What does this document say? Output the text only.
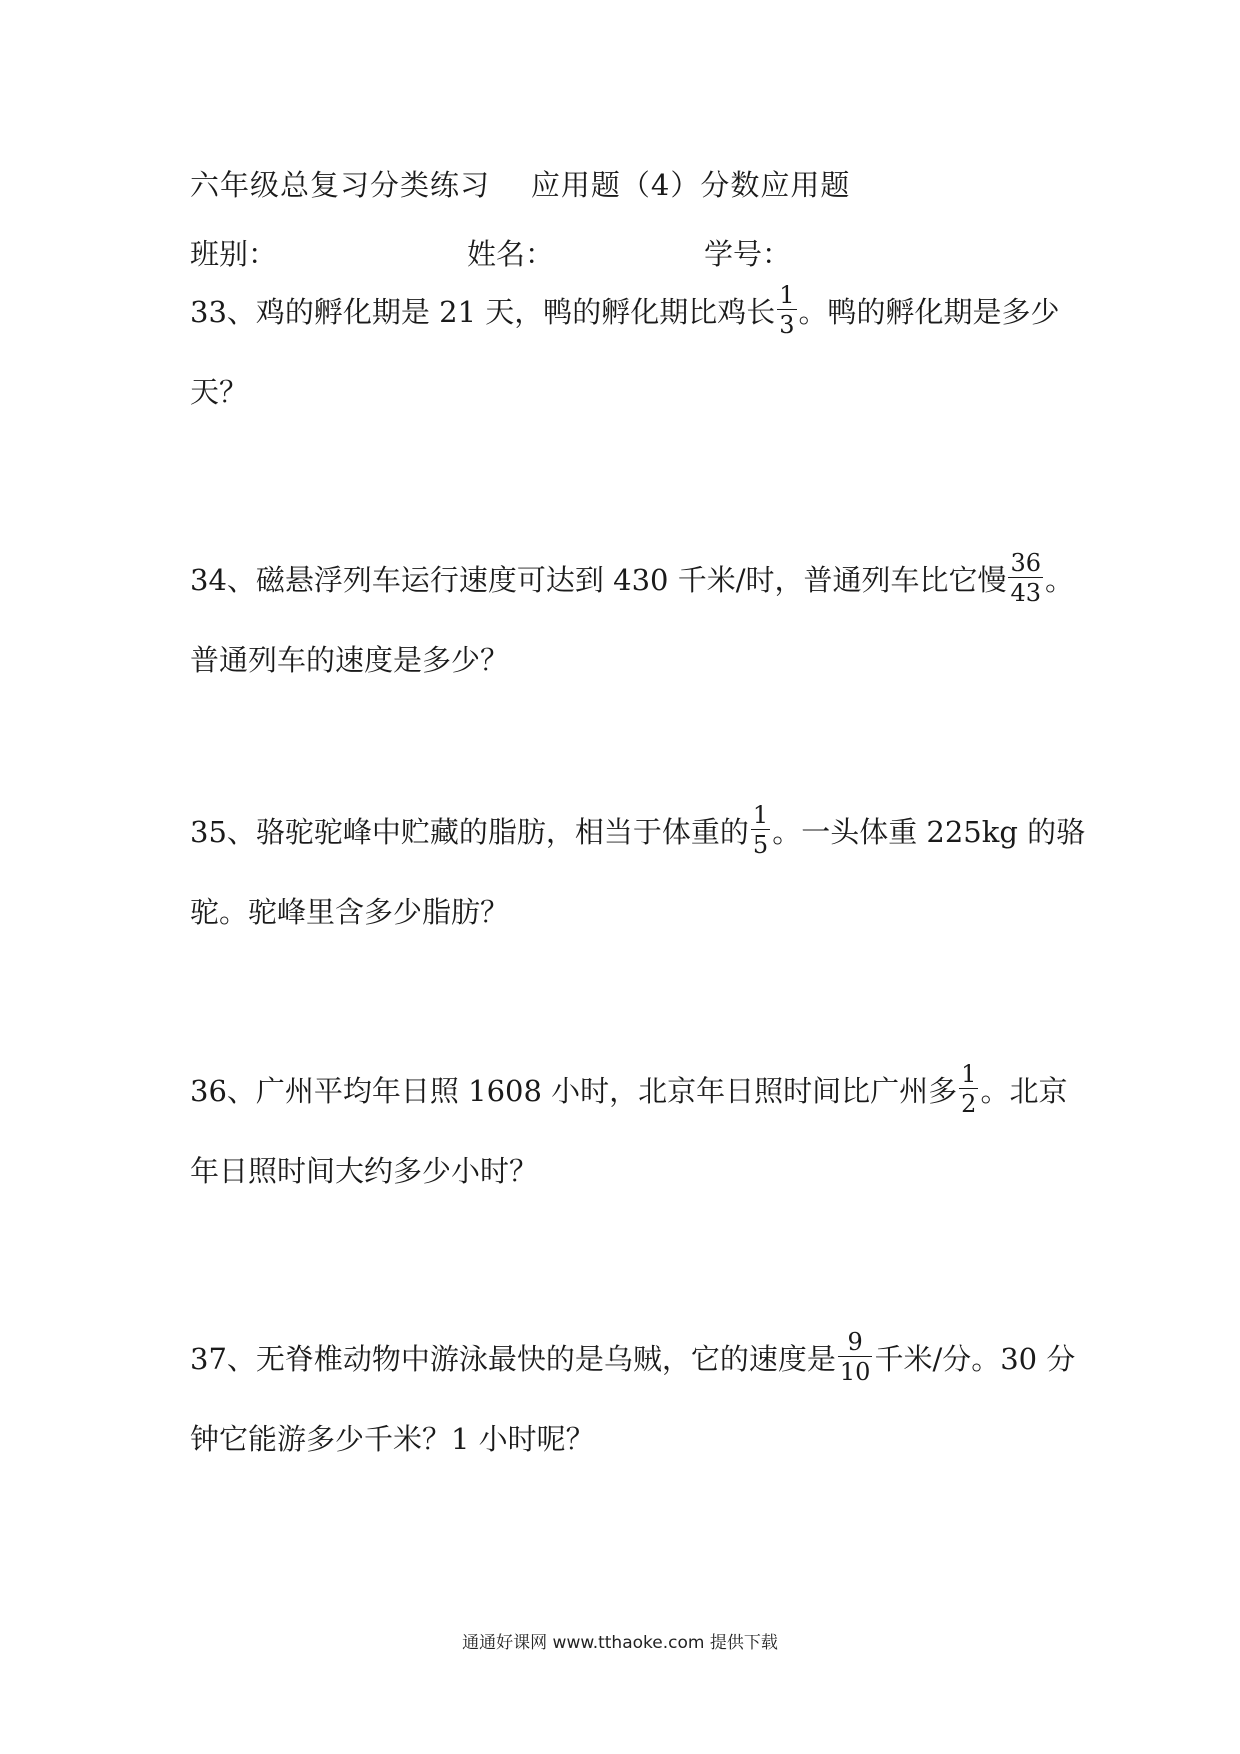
六年级总复习分类练习    应用题（4）分数应用题
班别：	姓名：	学号：
33、鸡的孵化期是 21 天，鸭的孵化期比鸡长 $\frac{1}{3}$ 。鸭的孵化期是多少
天？
34、磁悬浮列车运行速度可达到 430 千米/时，普通列车比它慢 $\frac{36}{43}$ 。
普通列车的速度是多少？
35、骆驼驼峰中贮藏的脂肪，相当于体重的 $\frac{1}{5}$ 。一头体重 225kg 的骆
驼。驼峰里含多少脂肪？
36、广州平均年日照 1608 小时，北京年日照时间比广州多 $\frac{1}{2}$ 。北京
年日照时间大约多少小时？
37、无脊椎动物中游泳最快的是乌贼，它的速度是 $\frac{9}{10}$ 千米/分。30 分
钟它能游多少千米？1 小时呢？
通通好课网 www.tthaoke.com 提供下载
